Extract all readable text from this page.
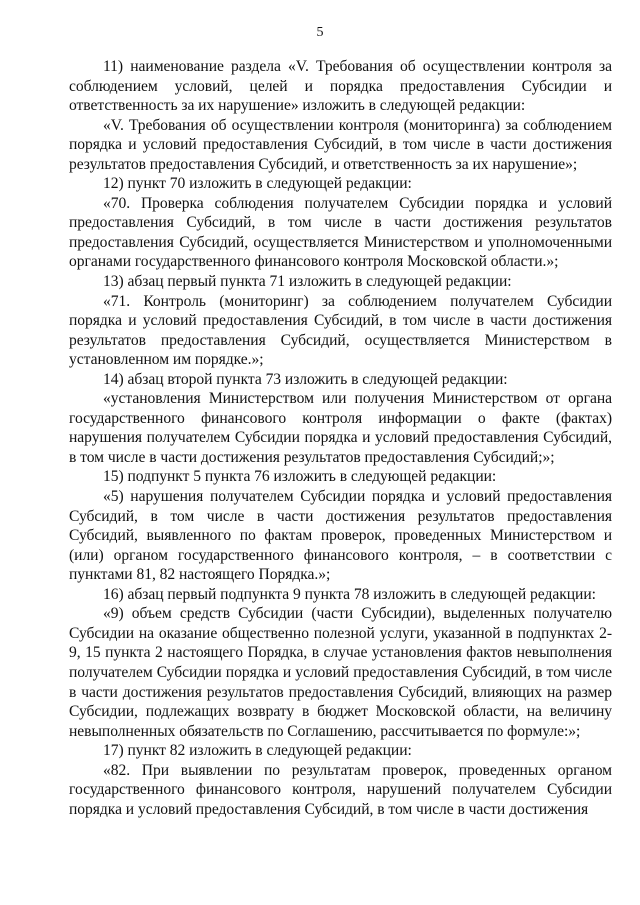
5

11) наименование раздела «V. Требования об осуществлении контроля за соблюдением условий, целей и порядка предоставления Субсидии и ответственность за их нарушение» изложить в следующей редакции:

«V. Требования об осуществлении контроля (мониторинга) за соблюдением порядка и условий предоставления Субсидий, в том числе в части достижения результатов предоставления Субсидий, и ответственность за их нарушение»;

12) пункт 70 изложить в следующей редакции:

«70. Проверка соблюдения получателем Субсидии порядка и условий предоставления Субсидий, в том числе в части достижения результатов предоставления Субсидий, осуществляется Министерством и уполномоченными органами государственного финансового контроля Московской области.»;

13) абзац первый пункта 71 изложить в следующей редакции:

«71. Контроль (мониторинг) за соблюдением получателем Субсидии порядка и условий предоставления Субсидий, в том числе в части достижения результатов предоставления Субсидий, осуществляется Министерством в установленном им порядке.»;

14) абзац второй пункта 73 изложить в следующей редакции:

«установления Министерством или получения Министерством от органа государственного финансового контроля информации о факте (фактах) нарушения получателем Субсидии порядка и условий предоставления Субсидий, в том числе в части достижения результатов предоставления Субсидий;»;

15) подпункт 5 пункта 76 изложить в следующей редакции:

«5) нарушения получателем Субсидии порядка и условий предоставления Субсидий, в том числе в части достижения результатов предоставления Субсидий, выявленного по фактам проверок, проведенных Министерством и (или) органом государственного финансового контроля, – в соответствии с пунктами 81, 82 настоящего Порядка.»;

16) абзац первый подпункта 9 пункта 78 изложить в следующей редакции:

«9) объем средств Субсидии (части Субсидии), выделенных получателю Субсидии на оказание общественно полезной услуги, указанной в подпунктах 2-9, 15 пункта 2 настоящего Порядка, в случае установления фактов невыполнения получателем Субсидии порядка и условий предоставления Субсидий, в том числе в части достижения результатов предоставления Субсидий, влияющих на размер Субсидии, подлежащих возврату в бюджет Московской области, на величину невыполненных обязательств по Соглашению, рассчитывается по формуле:»;

17) пункт 82 изложить в следующей редакции:

«82. При выявлении по результатам проверок, проведенных органом государственного финансового контроля, нарушений получателем Субсидии порядка и условий предоставления Субсидий, в том числе в части достижения
